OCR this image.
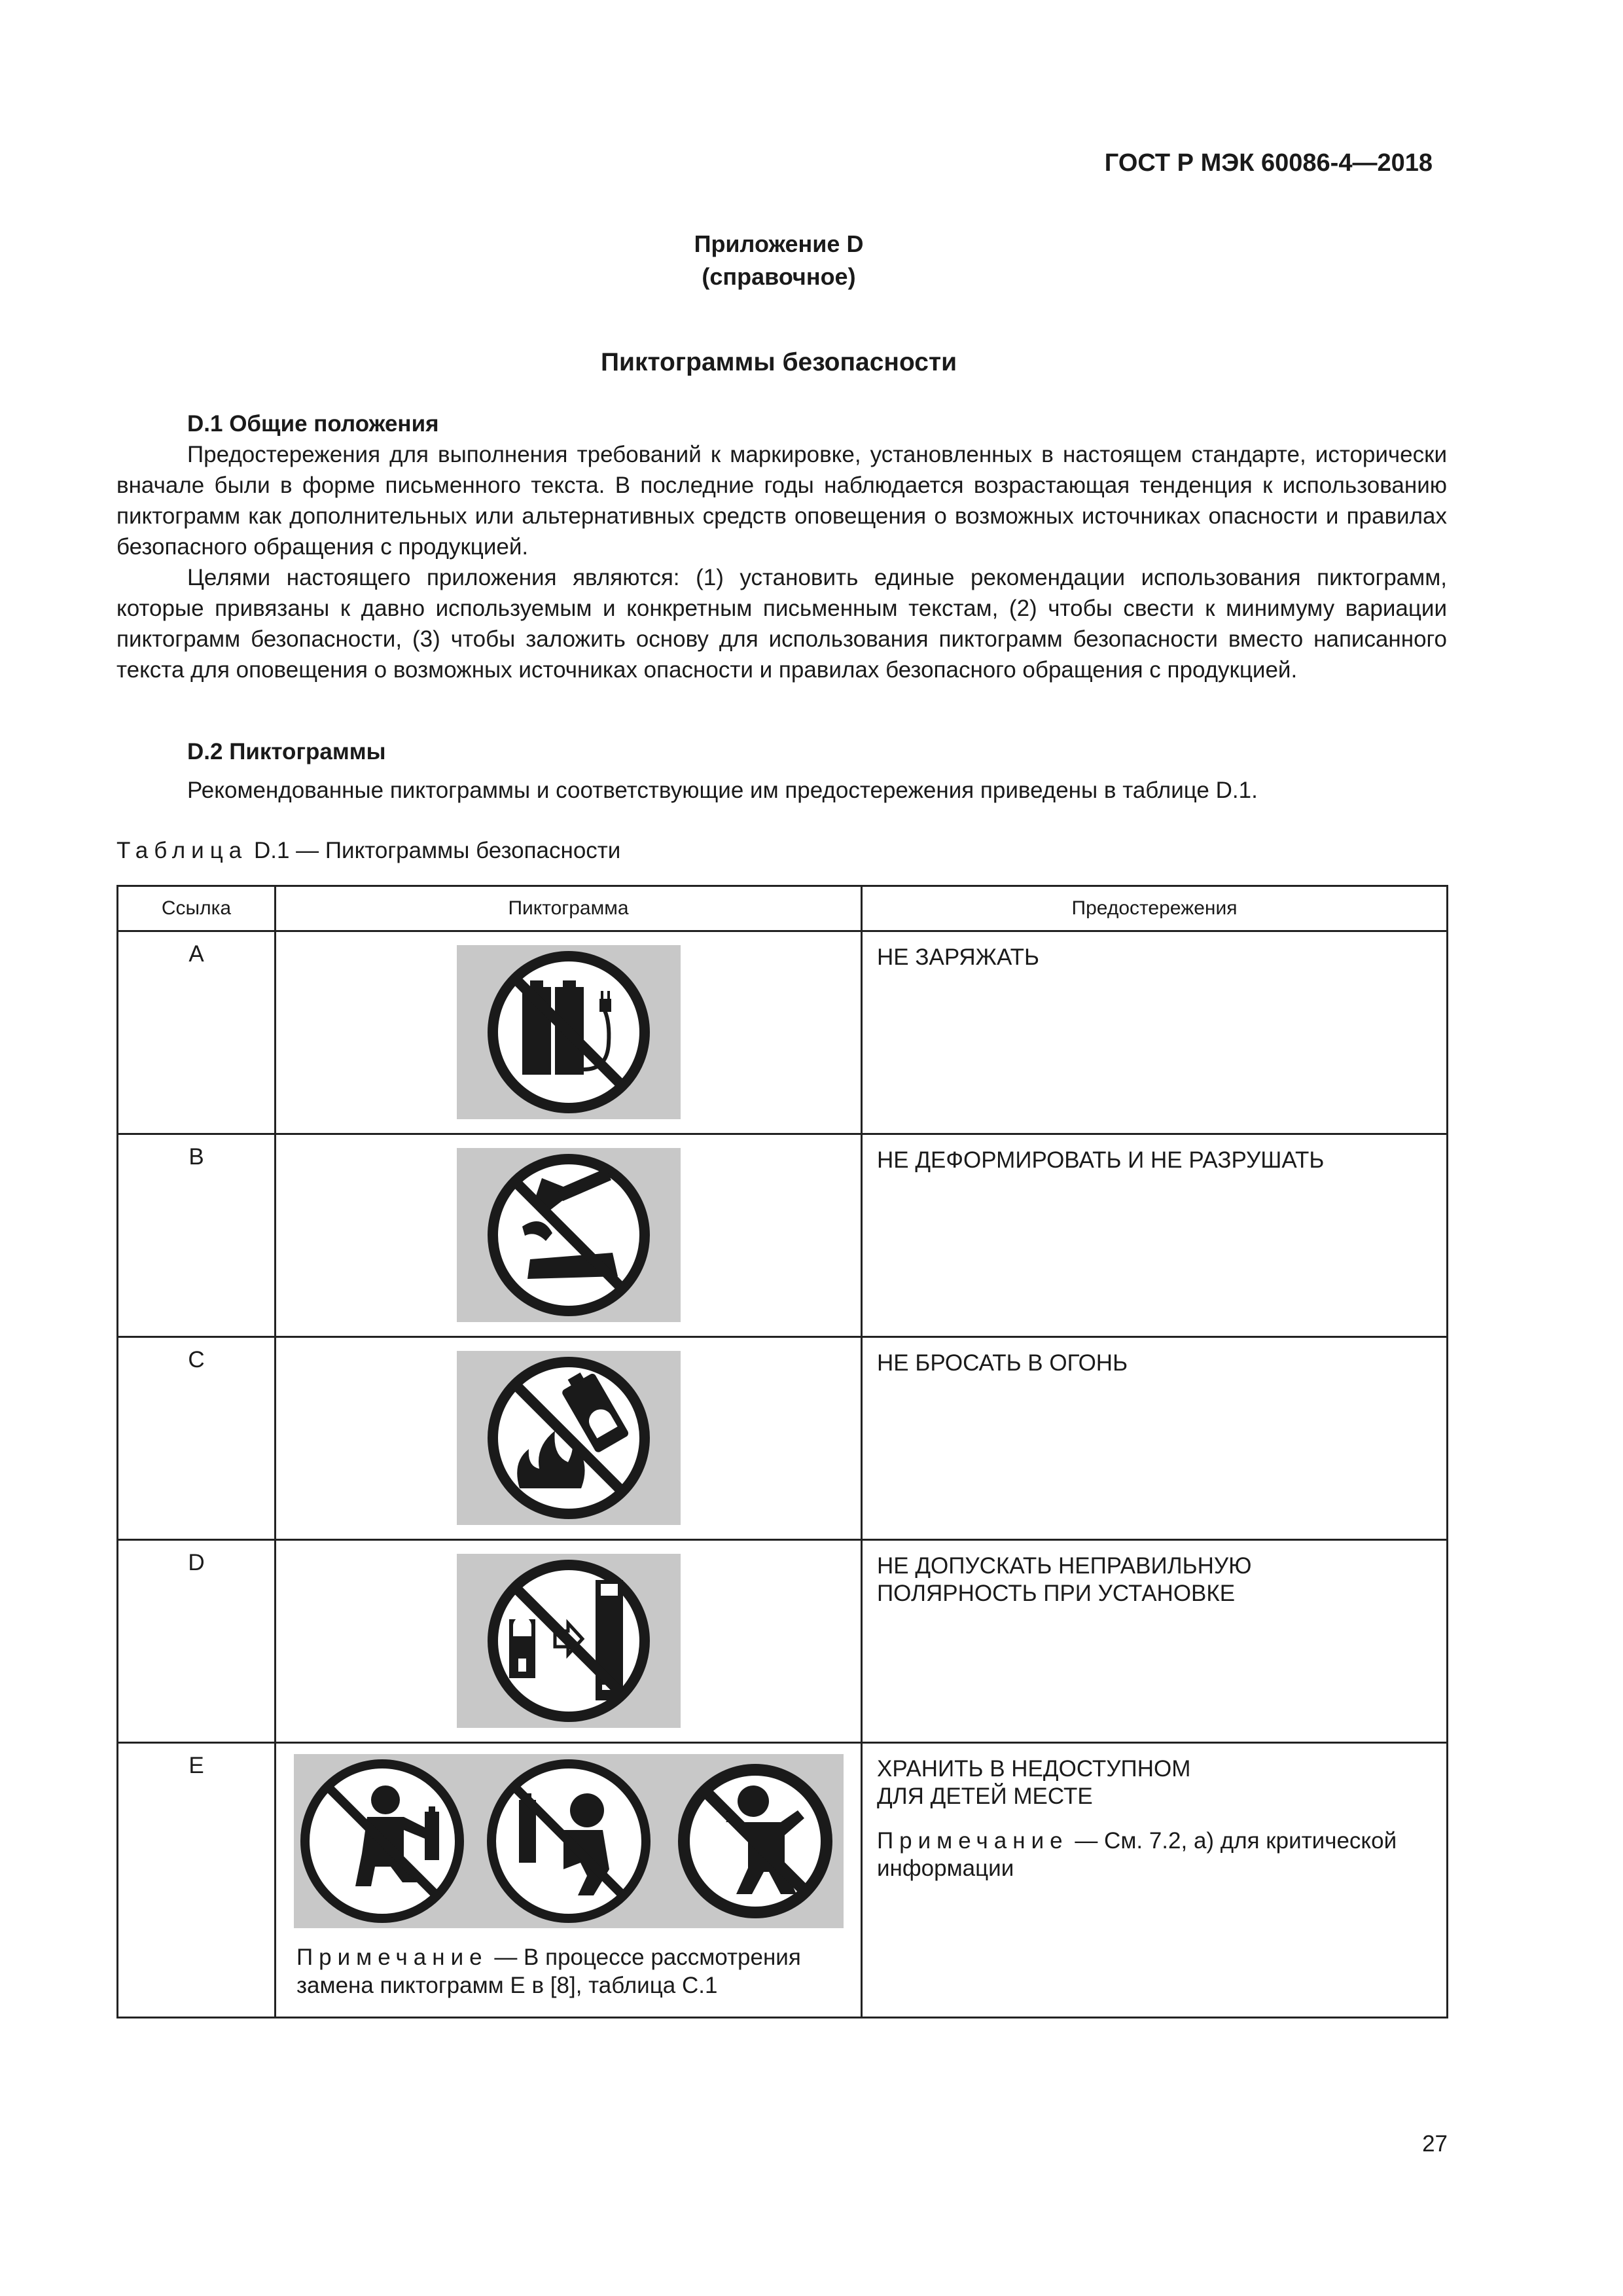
ГОСТ Р МЭК 60086-4—2018
Приложение D
(справочное)
Пиктограммы безопасности
D.1 Общие положения

Предостережения для выполнения требований к маркировке, установленных в настоящем стандарте, исторически вначале были в форме письменного текста. В последние годы наблюдается возрастающая тенденция к использованию пиктограмм как дополнительных или альтернативных средств оповещения о возможных источниках опасности и правилах безопасного обращения с продукцией.

Целями настоящего приложения являются: (1) установить единые рекомендации использования пиктограмм, которые привязаны к давно используемым и конкретным письменным текстам, (2) чтобы свести к минимуму вариации пиктограмм безопасности, (3) чтобы заложить основу для использования пиктограмм безопасности вместо написанного текста для оповещения о возможных источниках опасности и правилах безопасного обращения с продукцией.

D.2 Пиктограммы
Рекомендованные пиктограммы и соответствующие им предостережения приведены в таблице D.1.
Таблица D.1 — Пиктограммы безопасности
Ссылка	Пиктограмма	Предостережения
A		НЕ ЗАРЯЖАТЬ
B		НЕ ДЕФОРМИРОВАТЬ И НЕ РАЗРУШАТЬ
C		НЕ БРОСАТЬ В ОГОНЬ
D		НЕ ДОПУСКАТЬ НЕПРАВИЛЬНУЮ
ПОЛЯРНОСТЬ ПРИ УСТАНОВКЕ

E	Примечание — В процессе рассмотрения замена пиктограмм E в [8], таблица C.1	ХРАНИТЬ В НЕДОСТУПНОМ
ДЛЯ ДЕТЕЙ МЕСТЕ
Примечание — См. 7.2, а) для критической информации
27
